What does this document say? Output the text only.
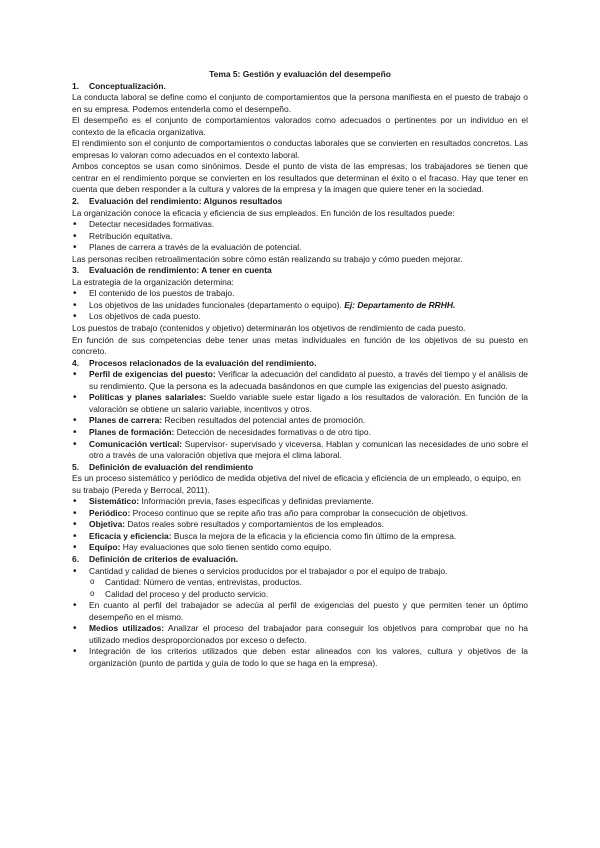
Tema 5: Gestión y evaluación del desempeño

1. Conceptualización.

La conducta laboral se define como el conjunto de comportamientos que la persona manifiesta en el puesto de trabajo o en su empresa. Podemos entenderla como el desempeño.

El desempeño es el conjunto de comportamientos valorados como adecuados o pertinentes por un individuo en el contexto de la eficacia organizativa.

El rendimiento son el conjunto de comportamientos o conductas laborales que se convierten en resultados concretos. Las empresas lo valoran como adecuados en el contexto laboral.

Ambos conceptos se usan como sinónimos. Desde el punto de vista de las empresas, los trabajadores se tienen que centrar en el rendimiento porque se convierten en los resultados que determinan el éxito o el fracaso. Hay que tener en cuenta que deben responder a la cultura y valores de la empresa y la imagen que quiere tener en la sociedad.

2. Evaluación del rendimiento: Algunos resultados

La organización conoce la eficacia y eficiencia de sus empleados. En función de los resultados puede:

• Detectar necesidades formativas.
• Retribución equitativa.
• Planes de carrera a través de la evaluación de potencial.

Las personas reciben retroalimentación sobre cómo están realizando su trabajo y cómo pueden mejorar.

3. Evaluación de rendimiento: A tener en cuenta

La estrategia de la organización determina:

• El contenido de los puestos de trabajo.
• Los objetivos de las unidades funcionales (departamento o equipo). Ej: Departamento de RRHH.
• Los objetivos de cada puesto.

Los puestos de trabajo (contenidos y objetivo) determinarán los objetivos de rendimiento de cada puesto.

En función de sus competencias debe tener unas metas individuales en función de los objetivos de su puesto en concreto.

4. Procesos relacionados de la evaluación del rendimiento.

• Perfil de exigencias del puesto: Verificar la adecuación del candidato al puesto, a través del tiempo y el análisis de su rendimiento. Que la persona es la adecuada basándonos en que cumple las exigencias del puesto asignado.
• Políticas y planes salariales: Sueldo variable suele estar ligado a los resultados de valoración. En función de la valoración se obtiene un salario variable, incentivos y otros.
• Planes de carrera: Reciben resultados del potencial antes de promoción.
• Planes de formación: Detección de necesidades formativas o de otro tipo.
• Comunicación vertical: Supervisor- supervisado y viceversa. Hablan y comunican las necesidades de uno sobre el otro a través de una valoración objetiva que mejora el clima laboral.

5. Definición de evaluación del rendimiento

Es un proceso sistemático y periódico de medida objetiva del nivel de eficacia y eficiencia de un empleado, o equipo, en su trabajo (Pereda y Berrocal, 2011).

• Sistemático: Información previa, fases especificas y definidas previamente.
• Periódico: Proceso continuo que se repite año tras año para comprobar la consecución de objetivos.
• Objetiva: Datos reales sobre resultados y comportamientos de los empleados.
• Eficacia y eficiencia: Busca la mejora de la eficacia y la eficiencia como fin último de la empresa.
• Equipo: Hay evaluaciones que solo tienen sentido como equipo.

6. Definición de criterios de evaluación.

• Cantidad y calidad de bienes o servicios producidos por el trabajador o por el equipo de trabajo.
o Cantidad: Número de ventas, entrevistas, productos.
o Calidad del proceso y del producto servicio.
• En cuanto al perfil del trabajador se adecúa al perfil de exigencias del puesto y que permiten tener un óptimo desempeño en el mismo.
• Medios utilizados: Analizar el proceso del trabajador para conseguir los objetivos para comprobar que no ha utilizado medios desproporcionados por exceso o defecto.
• Integración de los criterios utilizados que deben estar alineados con los valores, cultura y objetivos de la organización (punto de partida y guía de todo lo que se haga en la empresa).
